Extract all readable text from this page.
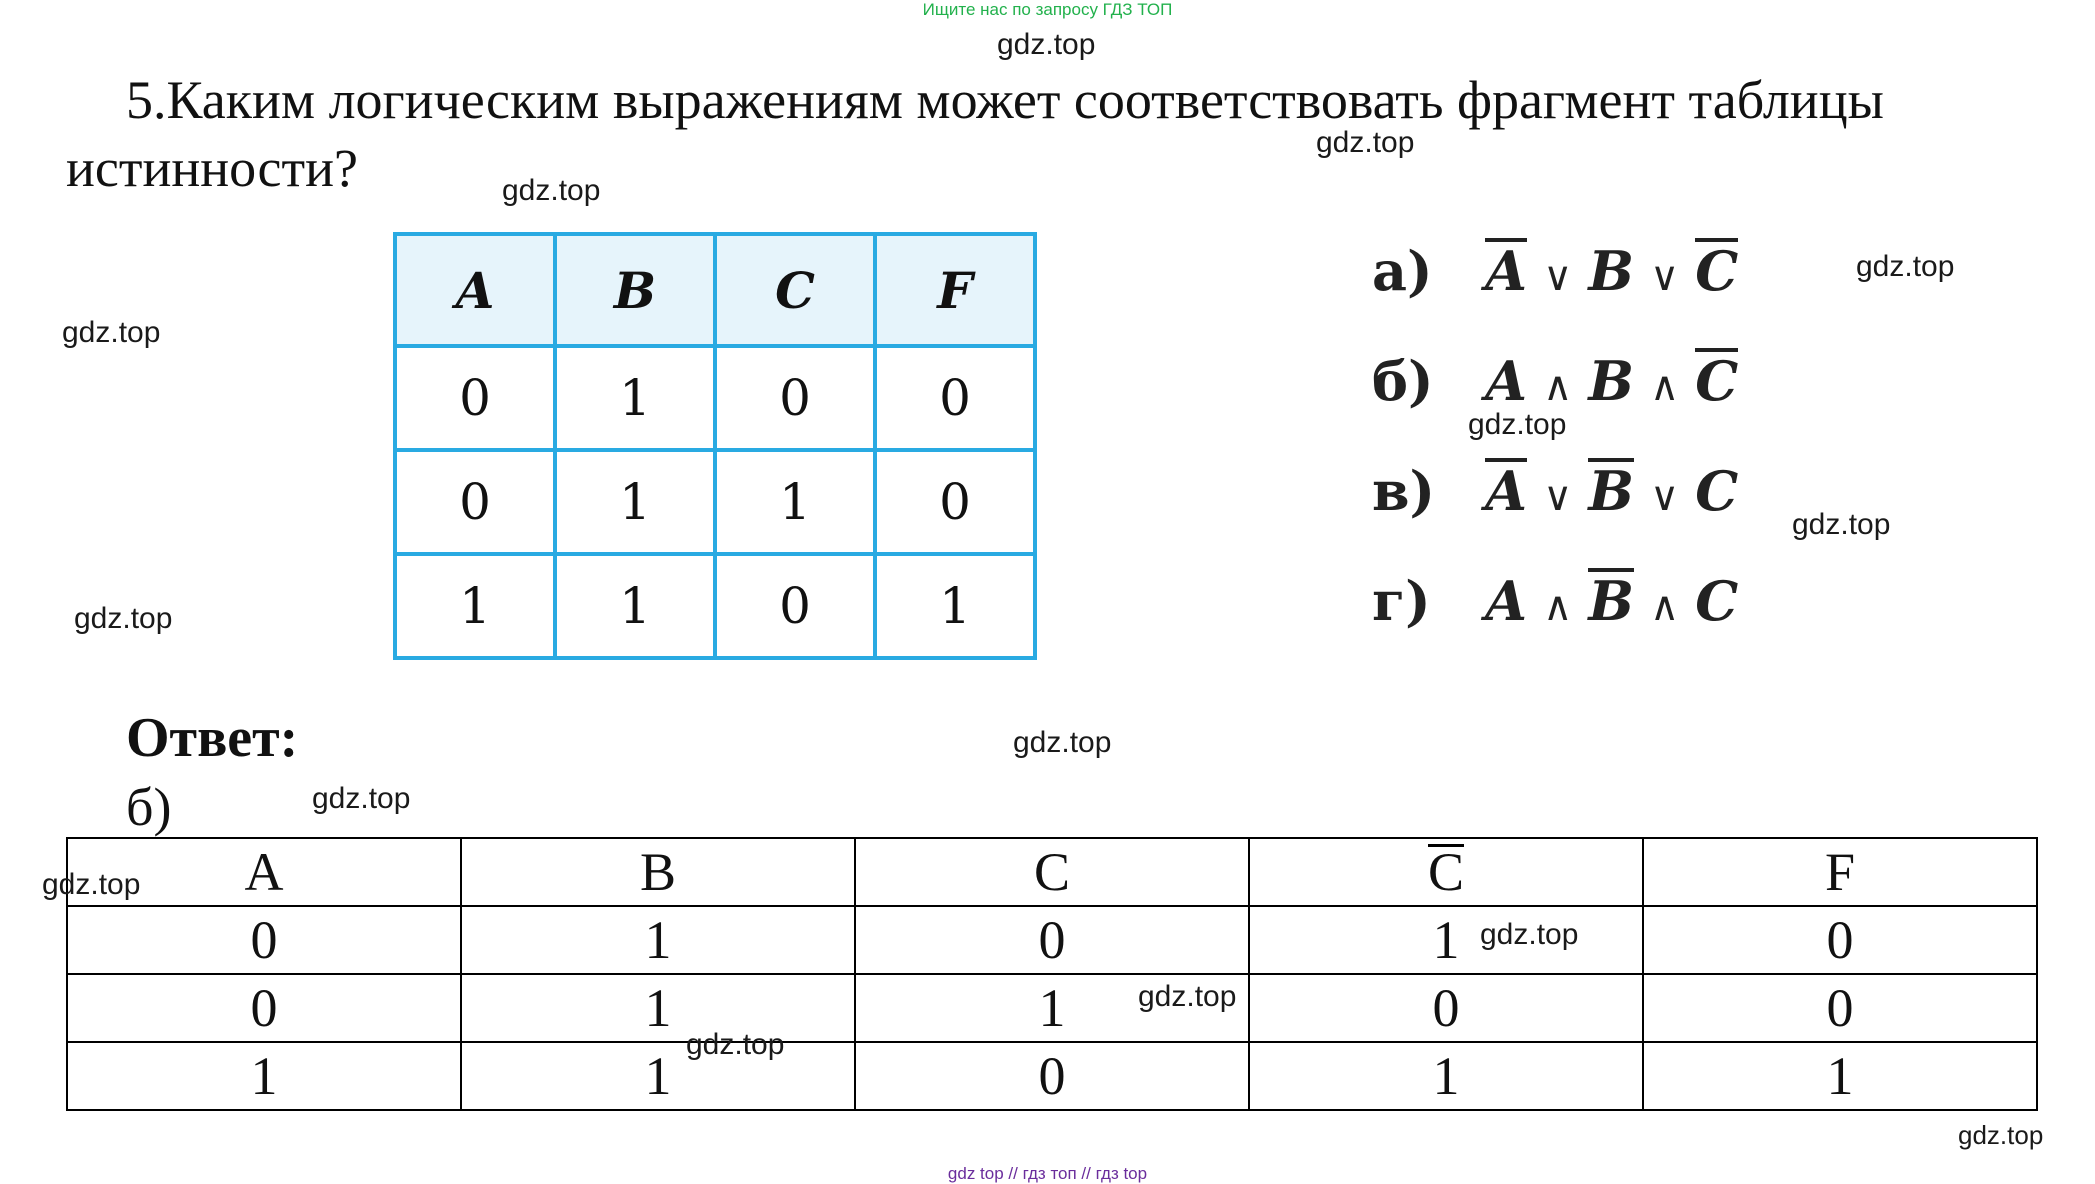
Ищите нас по запросу ГДЗ ТОП
5.Каким логическим выражениям может соответствовать фрагмент таблицы истинности?
A	B	C	F
0	1	0	0
0	1	1	0
1	1	0	1
а) A ∨ B ∨ C
б) A ∧ B ∧ C
в) A ∨ B ∨ C
г) A ∧ B ∧ C
Ответ:
б)
A	B	C	C	F
0	1	0	1	0
0	1	1	0	0
1	1	0	1	1
gdz.top
gdz.top
gdz.top
gdz.top
gdz.top
gdz.top
gdz.top
gdz.top
gdz.top
gdz.top
gdz.top
gdz.top
gdz.top
gdz.top
gdz.top
gdz top // гдз топ // гдз top
